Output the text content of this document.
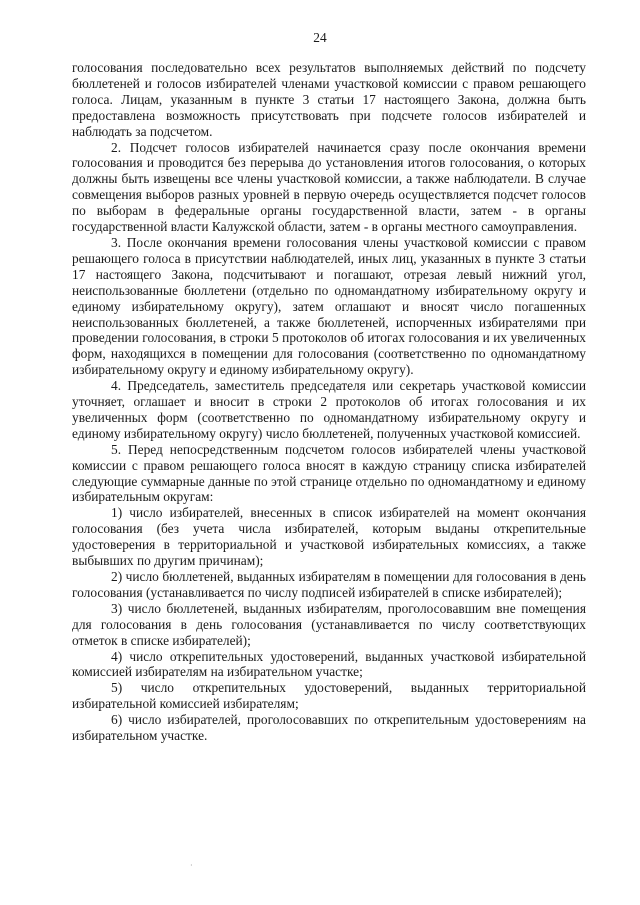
24

голосования последовательно всех результатов выполняемых действий по подсчету бюллетеней и голосов избирателей членами участковой комиссии с правом решающего голоса. Лицам, указанным в пункте 3 статьи 17 настоящего Закона, должна быть предоставлена возможность присутствовать при подсчете голосов избирателей и наблюдать за подсчетом.

2. Подсчет голосов избирателей начинается сразу после окончания времени голосования и проводится без перерыва до установления итогов голосования, о которых должны быть извещены все члены участковой комиссии, а также наблюдатели. В случае совмещения выборов разных уровней в первую очередь осуществляется подсчет голосов по выборам в федеральные органы государственной власти, затем - в органы государственной власти Калужской области, затем - в органы местного самоуправления.

3. После окончания времени голосования члены участковой комиссии с правом решающего голоса в присутствии наблюдателей, иных лиц, указанных в пункте 3 статьи 17 настоящего Закона, подсчитывают и погашают, отрезая левый нижний угол, неиспользованные бюллетени (отдельно по одномандатному избирательному округу и единому избирательному округу), затем оглашают и вносят число погашенных неиспользованных бюллетеней, а также бюллетеней, испорченных избирателями при проведении голосования, в строки 5 протоколов об итогах голосования и их увеличенных форм, находящихся в помещении для голосования (соответственно по одномандатному избирательному округу и единому избирательному округу).

4. Председатель, заместитель председателя или секретарь участковой комиссии уточняет, оглашает и вносит в строки 2 протоколов об итогах голосования и их увеличенных форм (соответственно по одномандатному избирательному округу и единому избирательному округу) число бюллетеней, полученных участковой комиссией.

5. Перед непосредственным подсчетом голосов избирателей члены участковой комиссии с правом решающего голоса вносят в каждую страницу списка избирателей следующие суммарные данные по этой странице отдельно по одномандатному и единому избирательным округам:

1) число избирателей, внесенных в список избирателей на момент окончания голосования (без учета числа избирателей, которым выданы открепительные удостоверения в территориальной и участковой избирательных комиссиях, а также выбывших по другим причинам);

2) число бюллетеней, выданных избирателям в помещении для голосования в день голосования (устанавливается по числу подписей избирателей в списке избирателей);

3) число бюллетеней, выданных избирателям, проголосовавшим вне помещения для голосования в день голосования (устанавливается по числу соответствующих отметок в списке избирателей);

4) число открепительных удостоверений, выданных участковой избирательной комиссией избирателям на избирательном участке;

5) число открепительных удостоверений, выданных территориальной избирательной комиссией избирателям;

6) число избирателей, проголосовавших по открепительным удостоверениям на избирательном участке.

·
